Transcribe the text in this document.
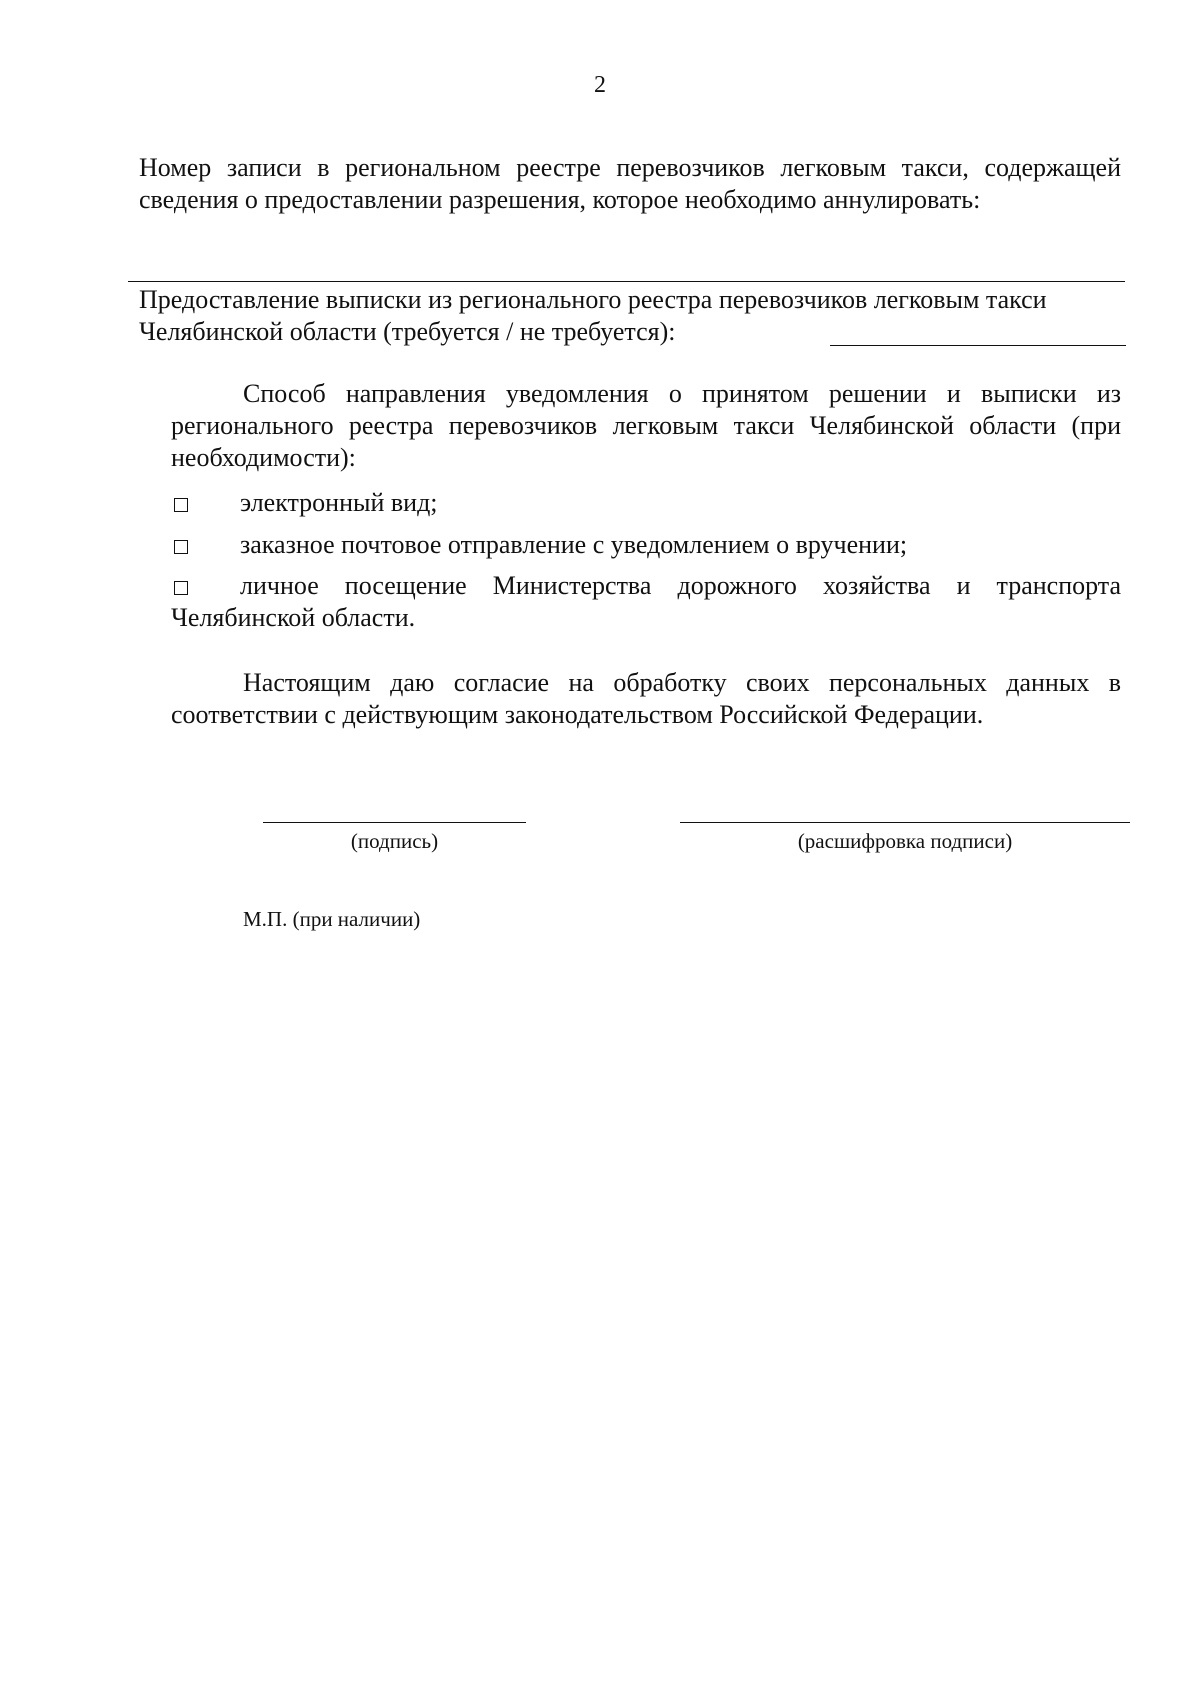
2
Номер записи в региональном реестре перевозчиков легковым такси, содержащей сведения о предоставлении разрешения, которое необходимо аннулировать:
Предоставление выписки из регионального реестра перевозчиков легковым такси Челябинской области (требуется / не требуется):
Способ направления уведомления о принятом решении и выписки из регионального реестра перевозчиков легковым такси Челябинской области (при необходимости):
электронный вид;
заказное почтовое отправление с уведомлением о вручении;
личное посещение Министерства дорожного хозяйства и транспорта Челябинской области.
Настоящим даю согласие на обработку своих персональных данных в соответствии с действующим законодательством Российской Федерации.
(подпись)	(расшифровка подписи)
М.П. (при наличии)
